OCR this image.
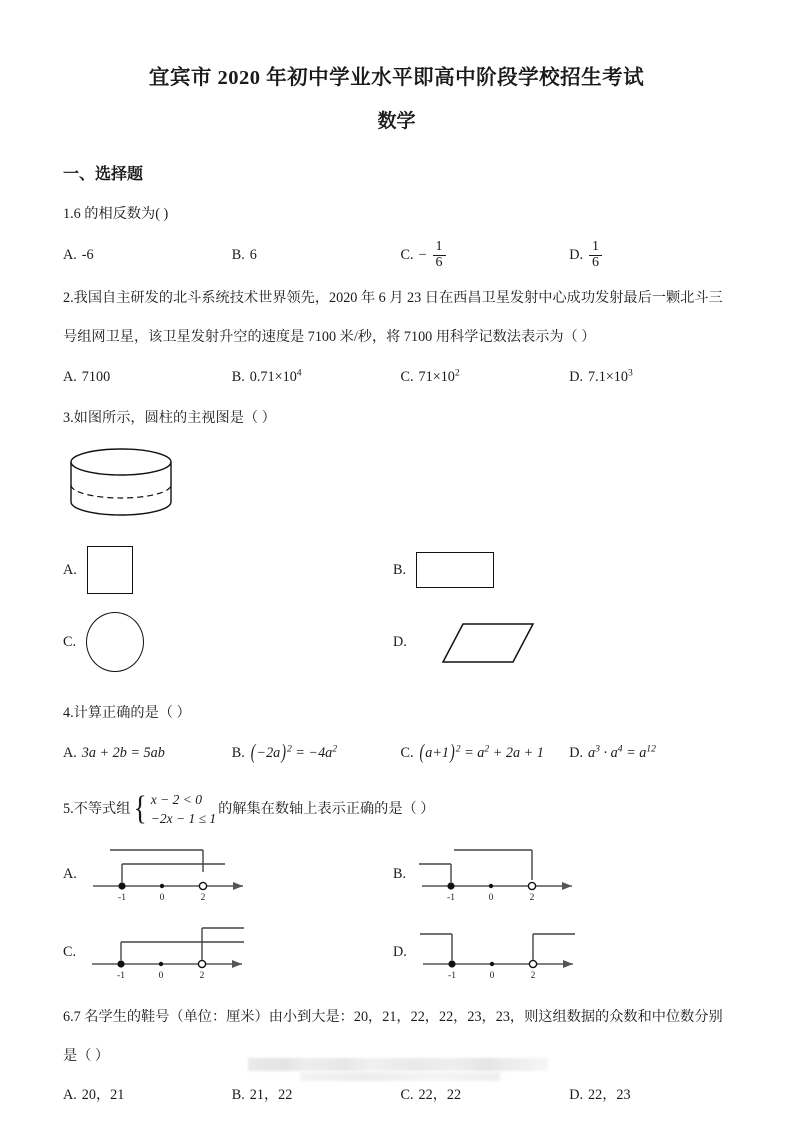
宜宾市 2020 年初中学业水平即高中阶段学校招生考试
数学
一、选择题

1.6 的相反数为( )

A. -6	B. 6	C. − $\frac{1}{6}$	D. $\frac{1}{6}$

2.我国自主研发的北斗系统技术世界领先，2020 年 6 月 23 日在西昌卫星发射中心成功发射最后一颗北斗三

号组网卫星，该卫星发射升空的速度是 7100 米/秒，将 7100 用科学记数法表示为（ ）

A. 7100	B. $0.71\times 10^4$	C. $71\times 10^2$	D. $7.1\times 10^3$

3.如图所示，圆柱的主视图是（ ）

A.	B.
C.	D.

4.计算正确的是（ ）

A. 3a + 2b = 5ab	B. $(-2a)^2 = -4a^2$	C. $(a+1)^2 = a^2 + 2a + 1$ D. $a^3 \cdot a^4 = a^{12}$

5.不等式组 { x − 2 < 0
−2x − 1 ≤ 1
的解集在数轴上表示正确的是（ ）

A.
-1	0	2
B.
-1	0	2
C.
-1	0	2
D.
-1	0	2

6.7 名学生的鞋号（单位：厘米）由小到大是：20，21，22，22，23，23，则这组数据的众数和中位数分别

是（ ）

A. 20，21	B. 21，22	C. 22，22	D. 22，23
